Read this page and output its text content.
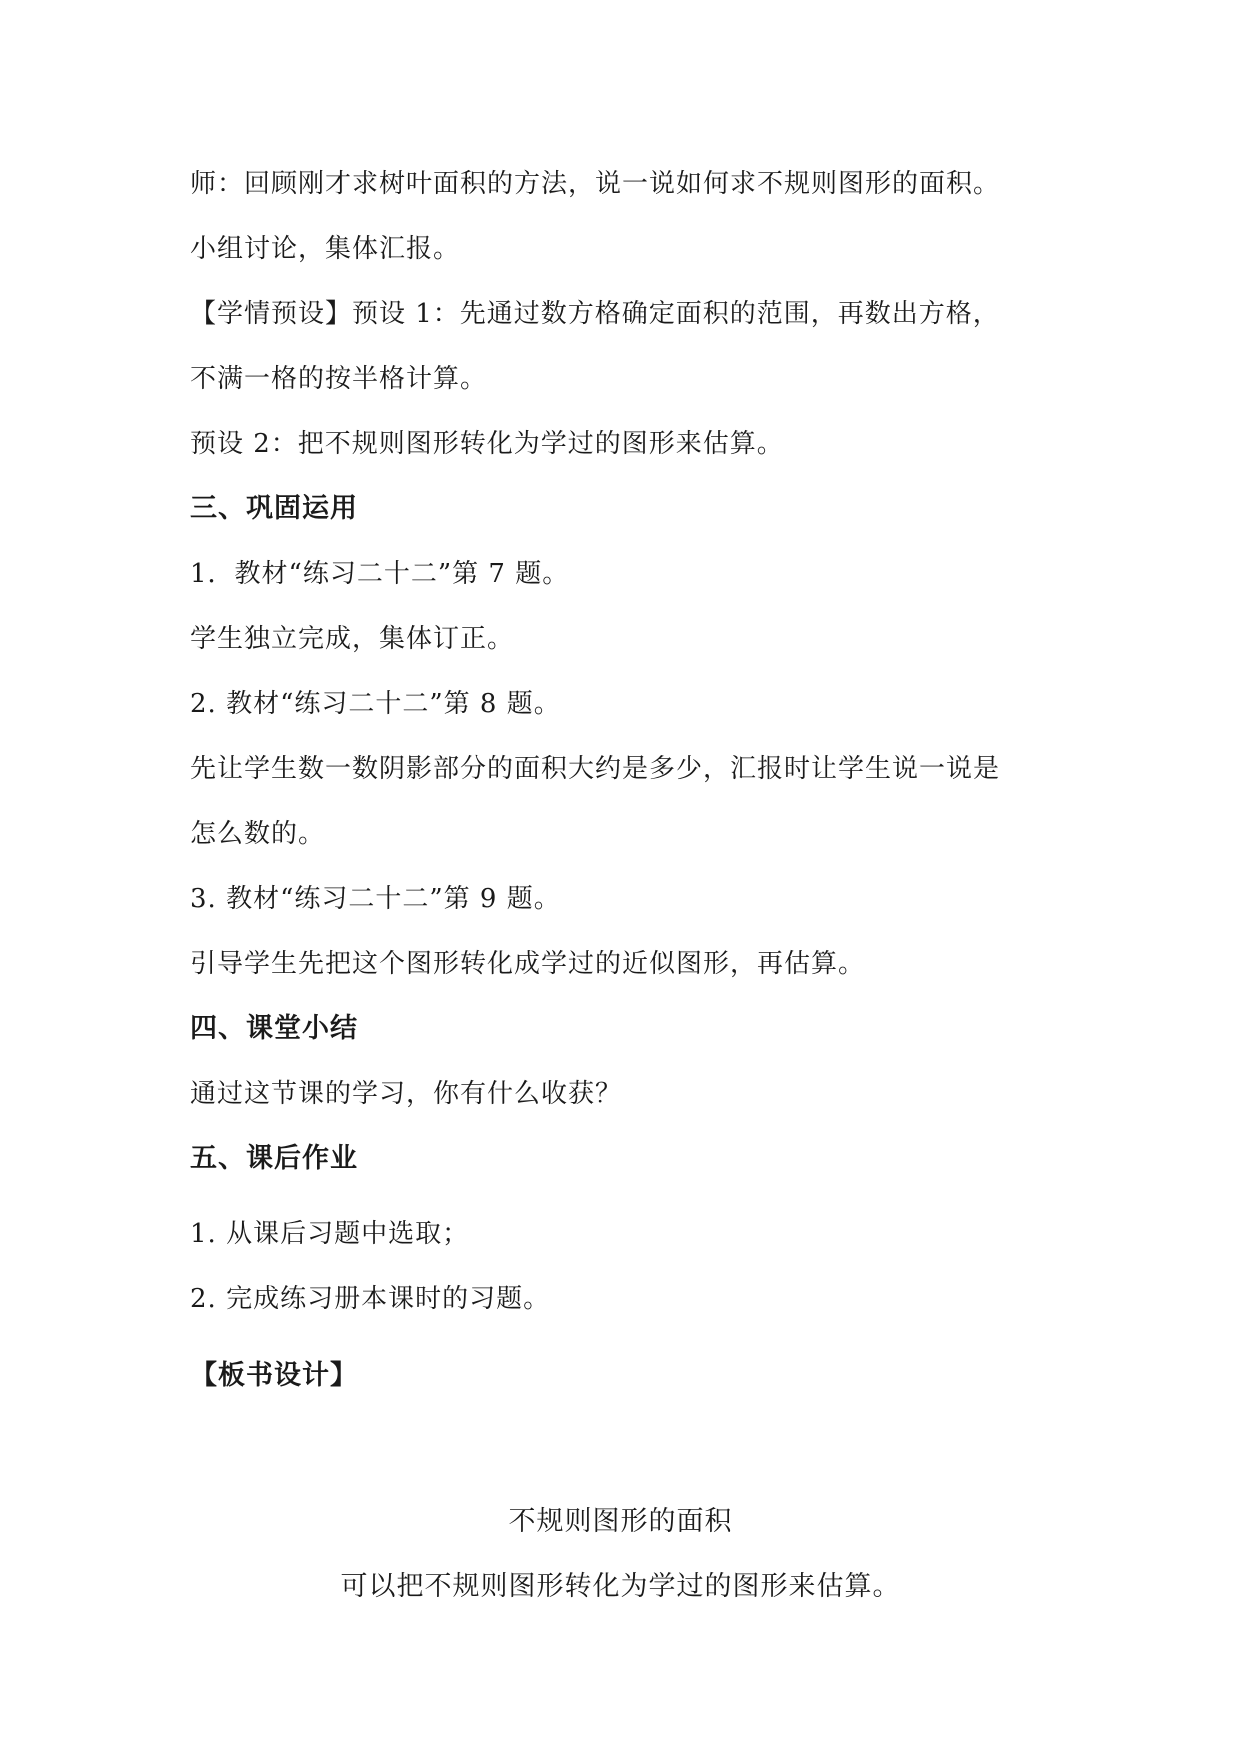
师：回顾刚才求树叶面积的方法，说一说如何求不规则图形的面积。
小组讨论，集体汇报。
【学情预设】预设 1：先通过数方格确定面积的范围，再数出方格，
不满一格的按半格计算。
预设 2：把不规则图形转化为学过的图形来估算。
三、巩固运用
1．教材“练习二十二”第 7 题。
学生独立完成，集体订正。
2. 教材“练习二十二”第 8 题。
先让学生数一数阴影部分的面积大约是多少，汇报时让学生说一说是
怎么数的。
3. 教材“练习二十二”第 9 题。
引导学生先把这个图形转化成学过的近似图形，再估算。
四、课堂小结
通过这节课的学习，你有什么收获？
五、课后作业
1. 从课后习题中选取；
2. 完成练习册本课时的习题。
【板书设计】
不规则图形的面积
可以把不规则图形转化为学过的图形来估算。
